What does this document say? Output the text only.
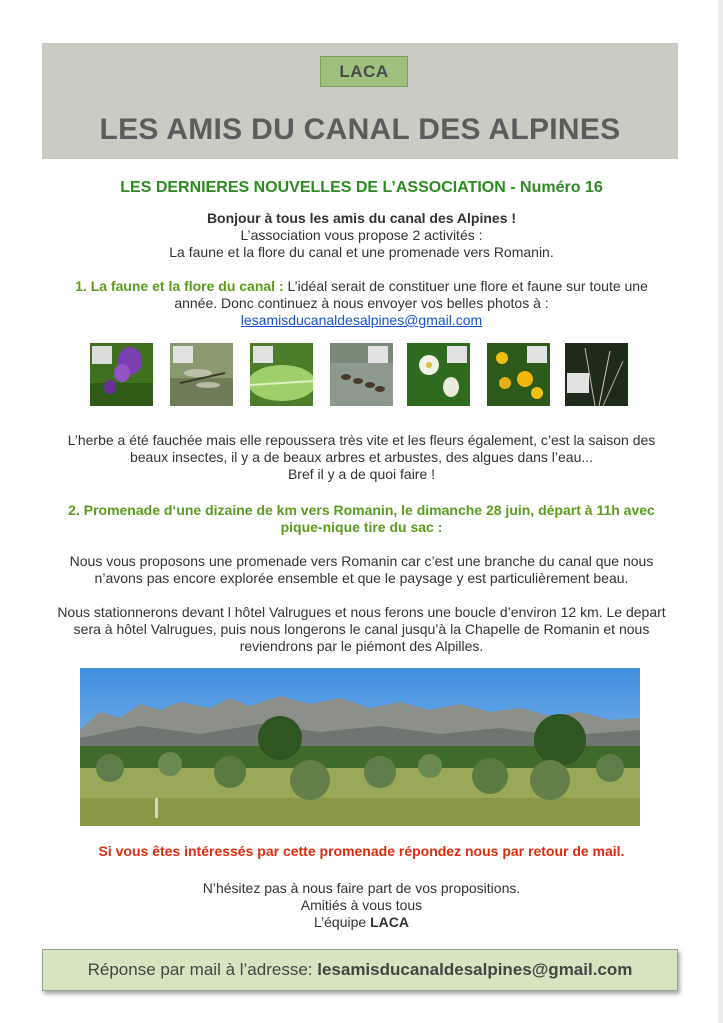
LACA
LES AMIS DU CANAL DES ALPINES
LES DERNIERES NOUVELLES DE L’ASSOCIATION - Numéro 16
Bonjour à tous les amis du canal des Alpines !
L’association vous propose 2 activités :
La faune et la flore du canal et une promenade vers Romanin.
1. La faune et la flore du canal : L’idéal serait de constituer une flore et faune sur toute une
année. Donc continuez à nous envoyer vos belles photos à :
lesamisducanaldesalpines@gmail.com
L’herbe a été fauchée mais elle repoussera très vite et les fleurs également, c’est la saison des
beaux insectes, il y a de beaux arbres et arbustes, des algues dans l’eau...
Bref il y a de quoi faire !
2. Promenade d‘une dizaine de km vers Romanin, le dimanche 28 juin, départ à 11h avec
pique-nique tire du sac :
Nous vous proposons une promenade vers Romanin car c’est une branche du canal que nous
n’avons pas encore explorée ensemble et que le paysage y est particulièrement beau.
Nous stationnerons devant l hôtel Valrugues et nous ferons une boucle d’environ 12 km. Le depart
sera à hôtel Valrugues, puis nous longerons le canal jusqu’à la Chapelle de Romanin et nous
reviendrons par le piémont des Alpilles.
Si vous êtes intéressés par cette promenade répondez nous par retour de mail.
N’hésitez pas à nous faire part de vos propositions.
Amitiés à vous tous
L’équipe LACA
Réponse par mail à l’adresse: lesamisducanaldesalpines@gmail.com
